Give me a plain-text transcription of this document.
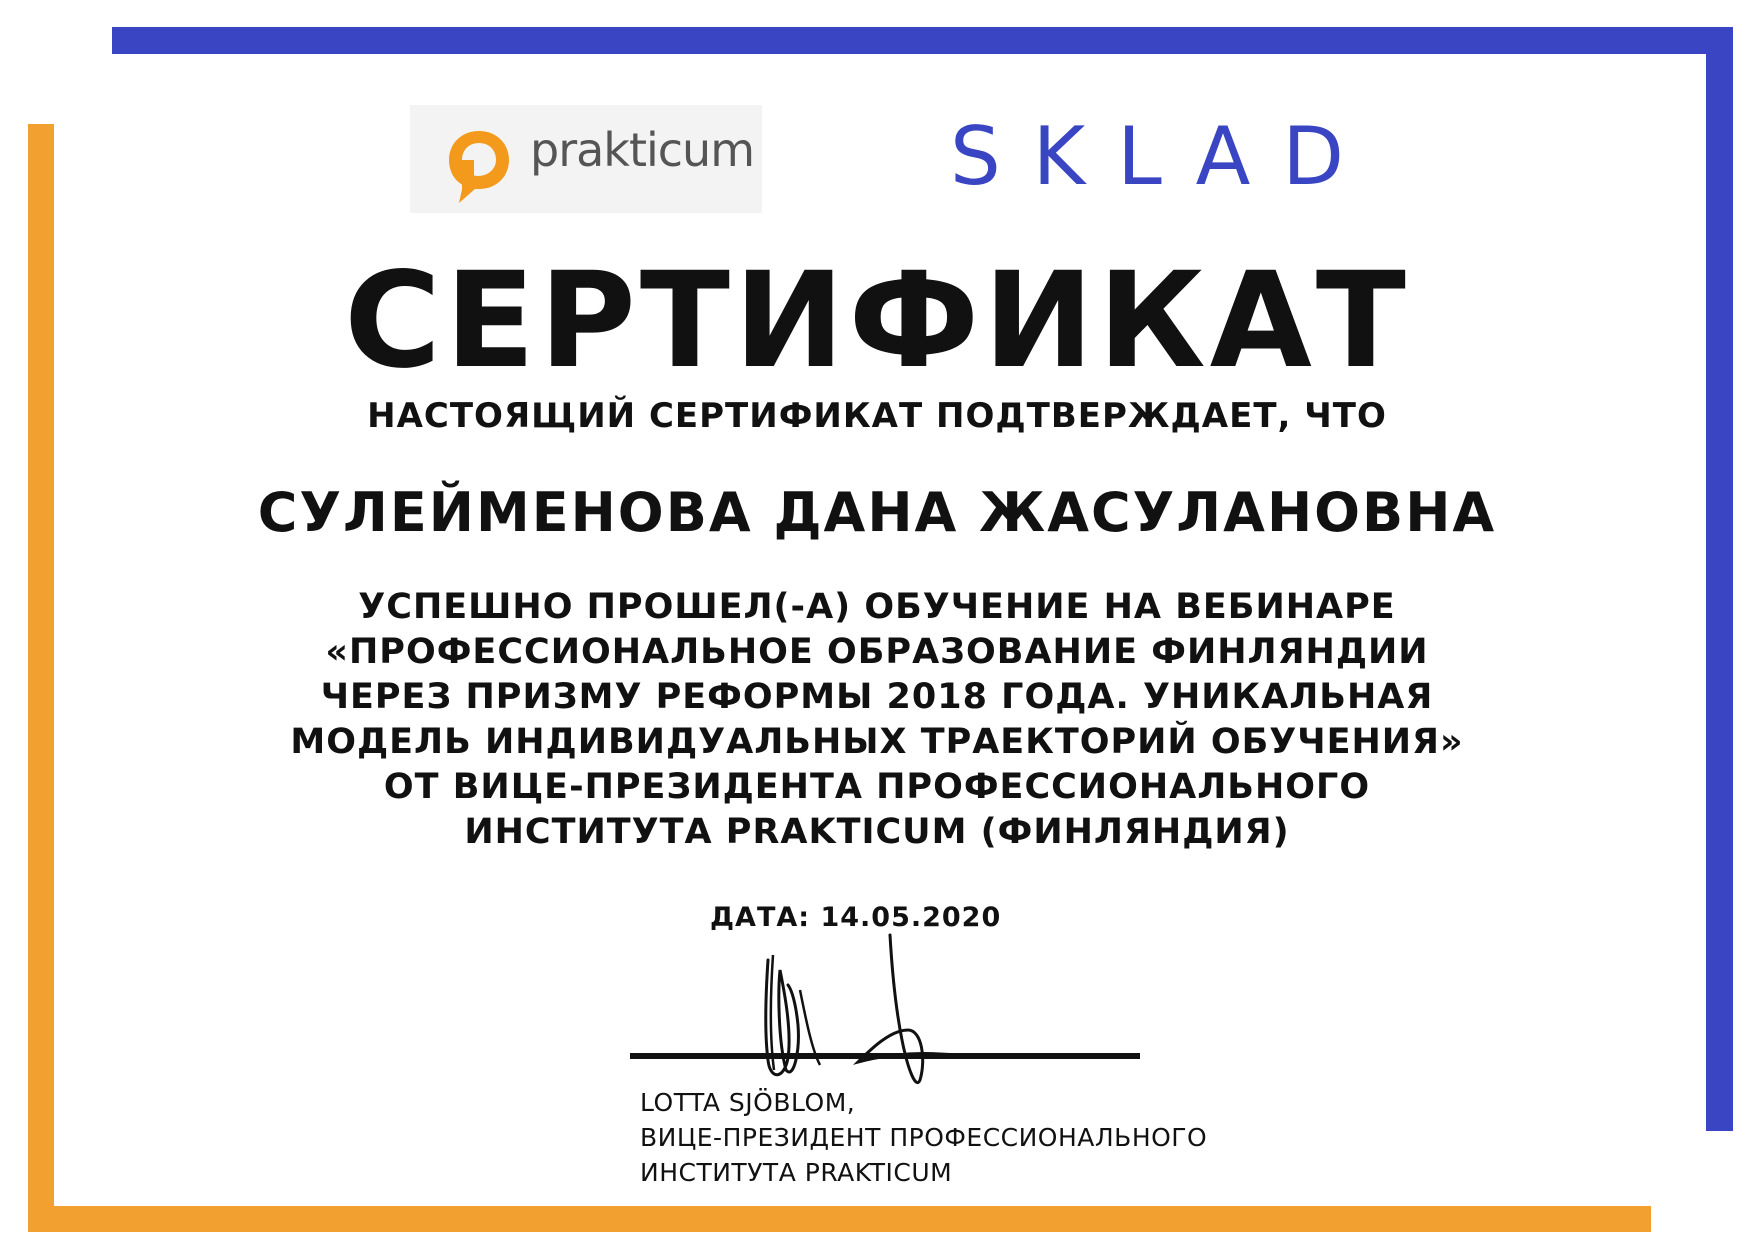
prakticum SKLAD
СЕРТИФИКАТ
НАСТОЯЩИЙ СЕРТИФИКАТ ПОДТВЕРЖДАЕТ, ЧТО
СУЛЕЙМЕНОВА ДАНА ЖАСУЛАНОВНА
УСПЕШНО ПРОШЕЛ(-А) ОБУЧЕНИЕ НА ВЕБИНАРЕ
«ПРОФЕССИОНАЛЬНОЕ ОБРАЗОВАНИЕ ФИНЛЯНДИИ
ЧЕРЕЗ ПРИЗМУ РЕФОРМЫ 2018 ГОДА. УНИКАЛЬНАЯ
МОДЕЛЬ ИНДИВИДУАЛЬНЫХ ТРАЕКТОРИЙ ОБУЧЕНИЯ»
ОТ ВИЦЕ-ПРЕЗИДЕНТА ПРОФЕССИОНАЛЬНОГО
ИНСТИТУТА PRAKTICUM (ФИНЛЯНДИЯ)
ДАТА: 14.05.2020
LOTTA SJÖBLOM,
ВИЦЕ-ПРЕЗИДЕНТ ПРОФЕССИОНАЛЬНОГО
ИНСТИТУТА PRAKTICUM
